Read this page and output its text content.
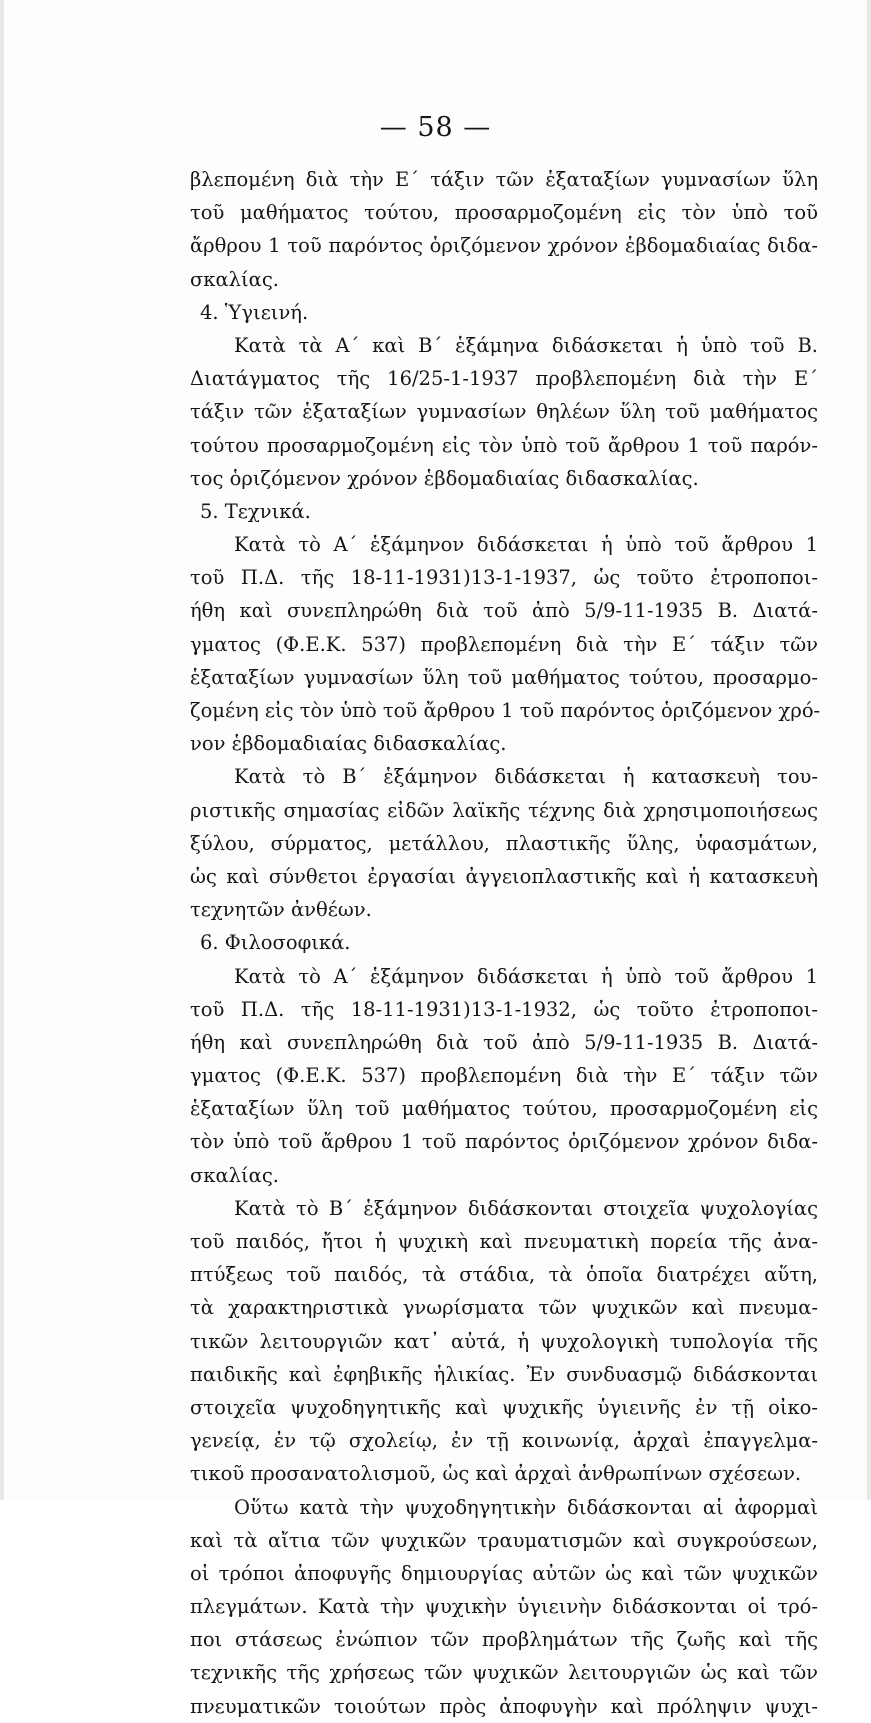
— 58 —
βλεπομένη διὰ τὴν Ε΄ τάξιν τῶν ἑξαταξίων γυμνασίων ὕλη
τοῦ μαθήματος τούτου, προσαρμοζομένη εἰς τὸν ὑπὸ τοῦ
ἄρθρου 1 τοῦ παρόντος ὁριζόμενον χρόνον ἑβδομαδιαίας διδα-
σκαλίας.
4. Ὑγιεινή.
Κατὰ τὰ Α΄ καὶ Β΄ ἑξάμηνα διδάσκεται ἡ ὑπὸ τοῦ Β.
Διατάγματος τῆς 16/25-1-1937 προβλεπομένη διὰ τὴν Ε΄
τάξιν τῶν ἑξαταξίων γυμνασίων θηλέων ὕλη τοῦ μαθήματος
τούτου προσαρμοζομένη εἰς τὸν ὑπὸ τοῦ ἄρθρου 1 τοῦ παρόν-
τος ὁριζόμενον χρόνον ἑβδομαδιαίας διδασκαλίας.
5. Τεχνικά.
Κατὰ τὸ Α΄ ἑξάμηνον διδάσκεται ἡ ὑπὸ τοῦ ἄρθρου 1
τοῦ Π.Δ. τῆς 18-11-1931)13-1-1937, ὡς τοῦτο ἐτροποποι-
ήθη καὶ συνεπληρώθη διὰ τοῦ ἀπὸ 5/9-11-1935 Β. Διατά-
γματος (Φ.Ε.Κ. 537) προβλεπομένη διὰ τὴν Ε΄ τάξιν τῶν
ἑξαταξίων γυμνασίων ὕλη τοῦ μαθήματος τούτου, προσαρμο-
ζομένη εἰς τὸν ὑπὸ τοῦ ἄρθρου 1 τοῦ παρόντος ὁριζόμενον χρό-
νον ἑβδομαδιαίας διδασκαλίας.
Κατὰ τὸ Β΄ ἑξάμηνον διδάσκεται ἡ κατασκευὴ του-
ριστικῆς σημασίας εἰδῶν λαϊκῆς τέχνης διὰ χρησιμοποιήσεως
ξύλου, σύρματος, μετάλλου, πλαστικῆς ὕλης, ὑφασμάτων,
ὡς καὶ σύνθετοι ἐργασίαι ἀγγειοπλαστικῆς καὶ ἡ κατασκευὴ
τεχνητῶν ἀνθέων.
6. Φιλοσοφικά.
Κατὰ τὸ Α΄ ἑξάμηνον διδάσκεται ἡ ὑπὸ τοῦ ἄρθρου 1
τοῦ Π.Δ. τῆς 18-11-1931)13-1-1932, ὡς τοῦτο ἐτροποποι-
ήθη καὶ συνεπληρώθη διὰ τοῦ ἀπὸ 5/9-11-1935 Β. Διατά-
γματος (Φ.Ε.Κ. 537) προβλεπομένη διὰ τὴν Ε΄ τάξιν τῶν
ἑξαταξίων ὕλη τοῦ μαθήματος τούτου, προσαρμοζομένη εἰς
τὸν ὑπὸ τοῦ ἄρθρου 1 τοῦ παρόντος ὁριζόμενον χρόνον διδα-
σκαλίας.
Κατὰ τὸ Β΄ ἑξάμηνον διδάσκονται στοιχεῖα ψυχολογίας
τοῦ παιδός, ἤτοι ἡ ψυχικὴ καὶ πνευματικὴ πορεία τῆς ἀνα-
πτύξεως τοῦ παιδός, τὰ στάδια, τὰ ὁποῖα διατρέχει αὕτη,
τὰ χαρακτηριστικὰ γνωρίσματα τῶν ψυχικῶν καὶ πνευμα-
τικῶν λειτουργιῶν κατ᾽ αὐτά, ἡ ψυχολογικὴ τυπολογία τῆς
παιδικῆς καὶ ἐφηβικῆς ἡλικίας. Ἐν συνδυασμῷ διδάσκονται
στοιχεῖα ψυχοδηγητικῆς καὶ ψυχικῆς ὑγιεινῆς ἐν τῇ οἰκο-
γενείᾳ, ἐν τῷ σχολείῳ, ἐν τῇ κοινωνίᾳ, ἀρχαὶ ἐπαγγελμα-
τικοῦ προσανατολισμοῦ, ὡς καὶ ἀρχαὶ ἀνθρωπίνων σχέσεων.
Οὕτω κατὰ τὴν ψυχοδηγητικὴν διδάσκονται αἱ ἀφορμαὶ
καὶ τὰ αἴτια τῶν ψυχικῶν τραυματισμῶν καὶ συγκρούσεων,
οἱ τρόποι ἀποφυγῆς δημιουργίας αὐτῶν ὡς καὶ τῶν ψυχικῶν
πλεγμάτων. Κατὰ τὴν ψυχικὴν ὑγιεινὴν διδάσκονται οἱ τρό-
ποι στάσεως ἐνώπιον τῶν προβλημάτων τῆς ζωῆς καὶ τῆς
τεχνικῆς τῆς χρήσεως τῶν ψυχικῶν λειτουργιῶν ὡς καὶ τῶν
πνευματικῶν τοιούτων πρὸς ἀποφυγὴν καὶ πρόληψιν ψυχι-
